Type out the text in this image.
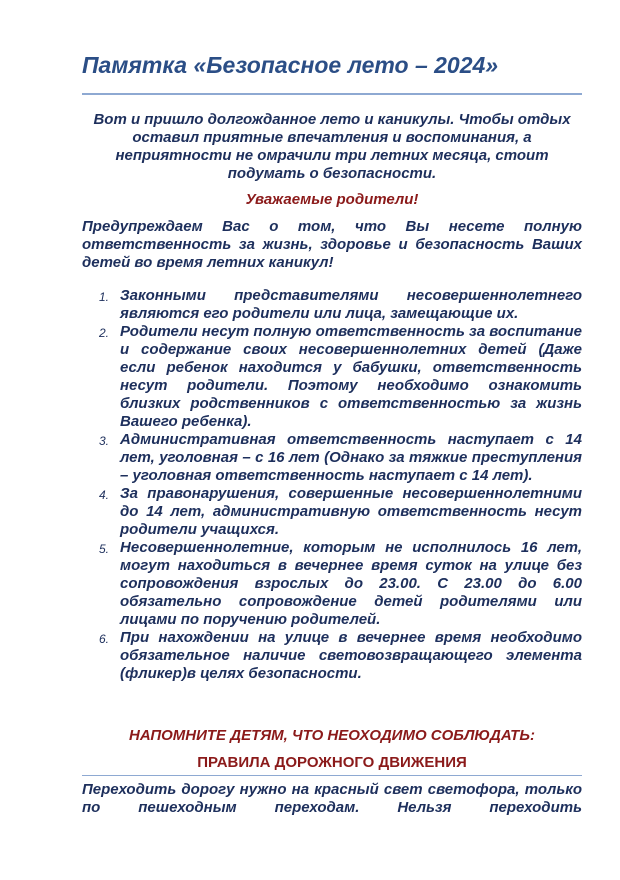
Памятка «Безопасное лето – 2024»
Вот и пришло долгожданное лето и каникулы. Чтобы отдых оставил приятные впечатления и воспоминания, а неприятности не омрачили три летних месяца, стоит подумать о безопасности.
Уважаемые родители!
Предупреждаем Вас о том, что Вы несете полную ответственность за жизнь, здоровье и безопасность Ваших детей во время летних каникул!
1. Законными представителями несовершеннолетнего являются его родители или лица, замещающие их.
2. Родители несут полную ответственность за воспитание и содержание своих несовершеннолетних детей (Даже если ребенок находится у бабушки, ответственность несут родители. Поэтому необходимо ознакомить близких родственников с ответственностью за жизнь Вашего ребенка).
3. Административная ответственность наступает с 14 лет, уголовная – с 16 лет (Однако за тяжкие преступления – уголовная ответственность наступает с 14 лет).
4. За правонарушения, совершенные несовершеннолетними до 14 лет, административную ответственность несут родители учащихся.
5. Несовершеннолетние, которым не исполнилось 16 лет, могут находиться в вечернее время суток на улице без сопровождения взрослых до 23.00. С 23.00 до 6.00 обязательно сопровождение детей родителями или лицами по поручению родителей.
6. При нахождении на улице в вечернее время необходимо обязательное наличие световозвращающего элемента (фликер)в целях безопасности.
НАПОМНИТЕ ДЕТЯМ, ЧТО НЕОХОДИМО СОБЛЮДАТЬ:
ПРАВИЛА ДОРОЖНОГО ДВИЖЕНИЯ
Переходить дорогу нужно на красный свет светофора, только по пешеходным переходам. Нельзя переходить
